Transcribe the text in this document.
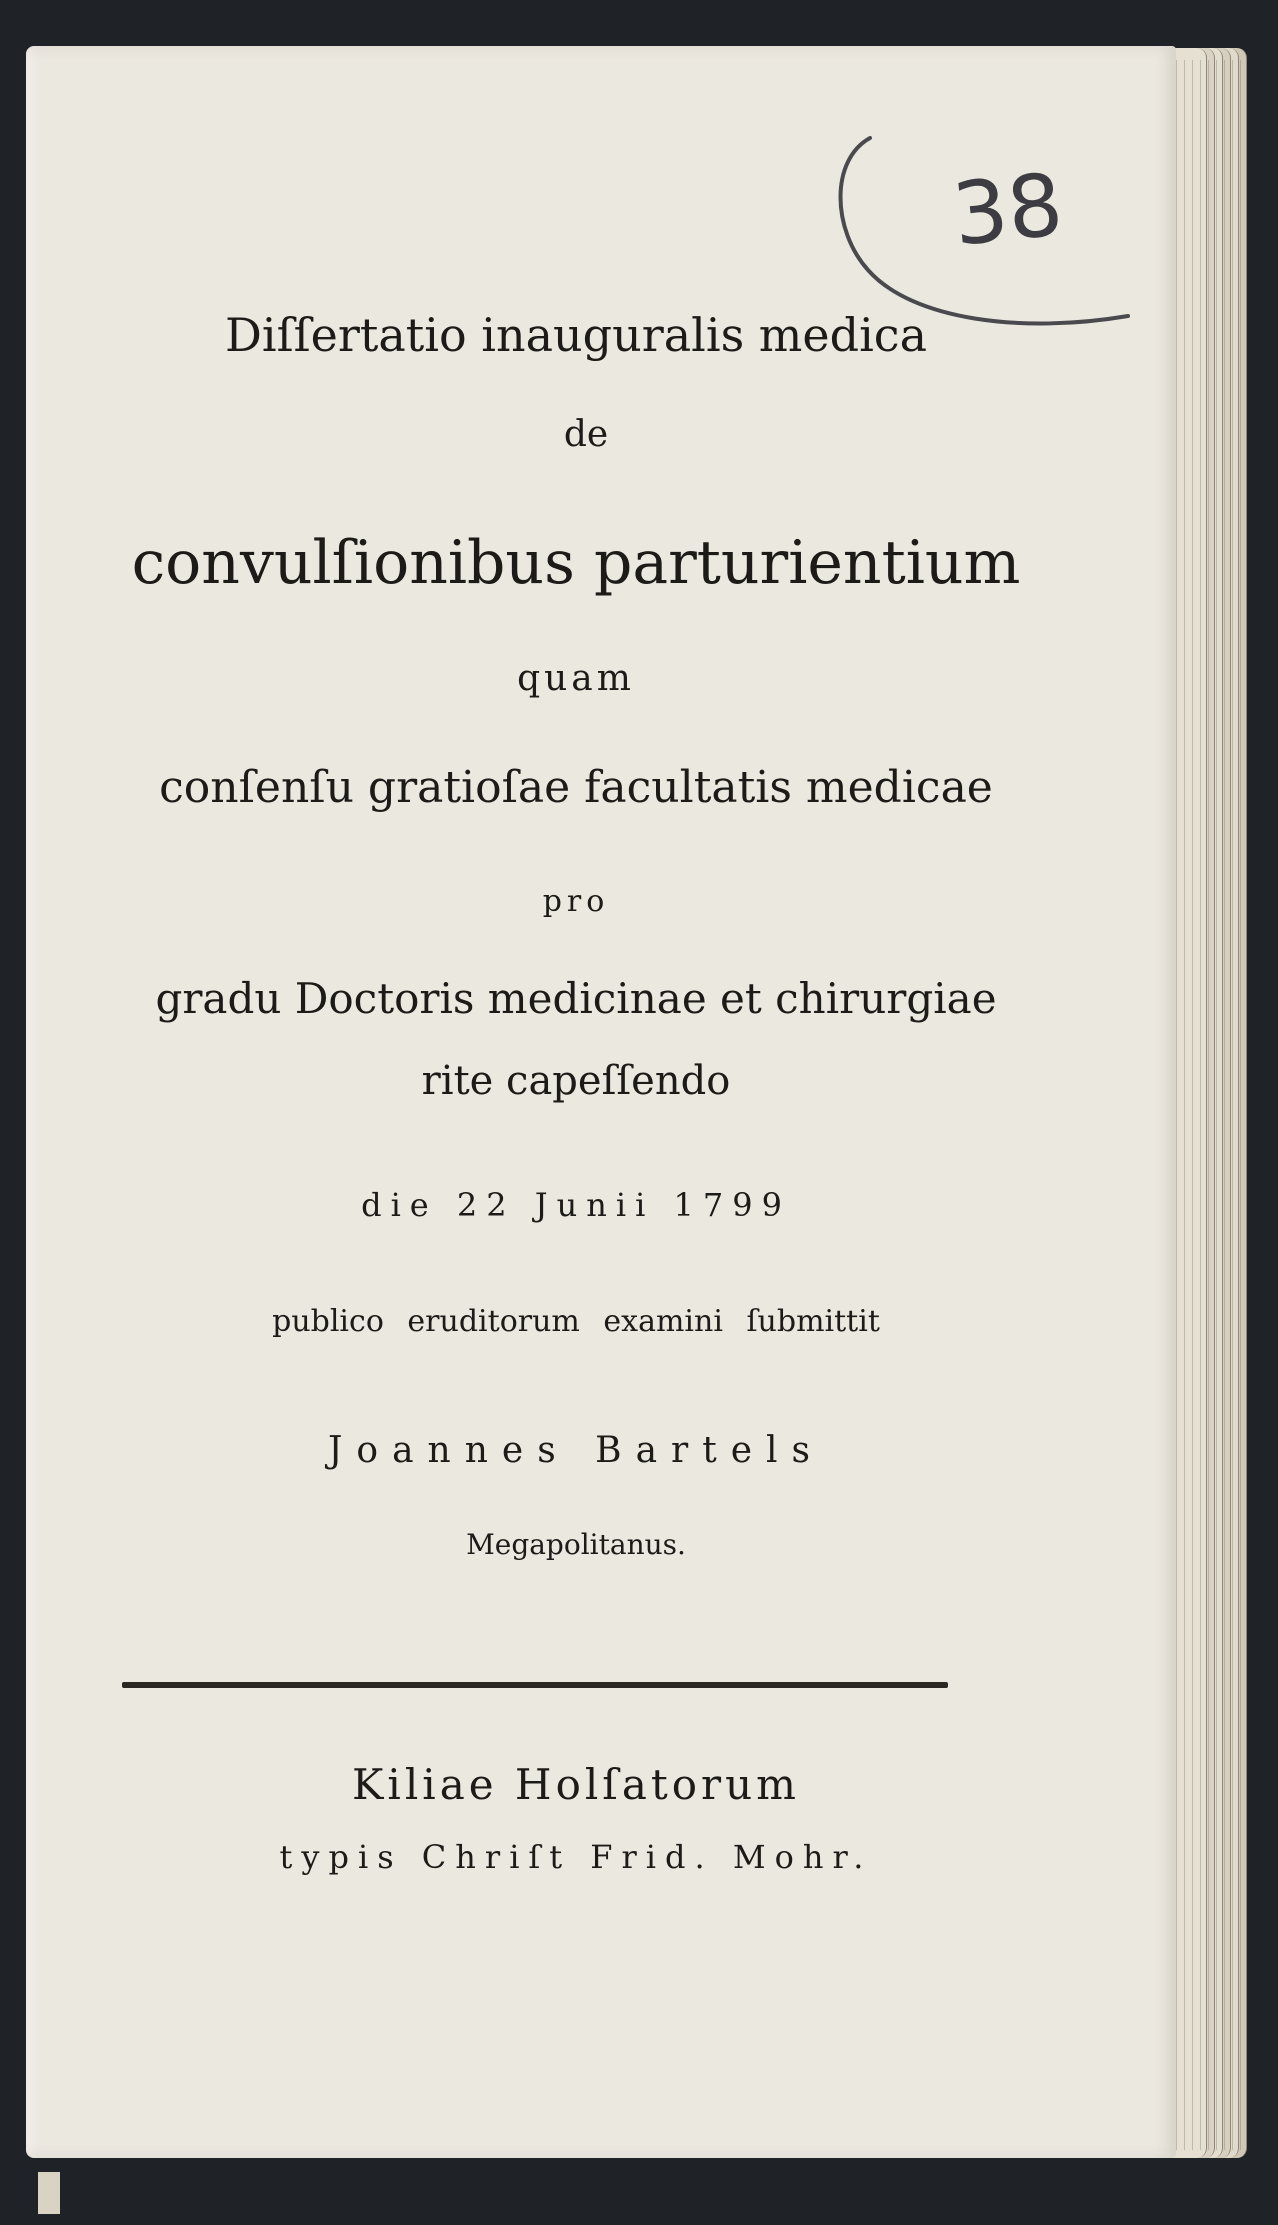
38
Diſſertatio inauguralis medica
de
convulſionibus parturientium
quam
conſenſu gratioſae facultatis medicae
pro
gradu Doctoris medicinae et chirurgiae
rite capeſſendo
die 22 Junii 1799
publico eruditorum examini ſubmittit
Joannes Bartels
Megapolitanus.
Kiliae Holſatorum
typis Chriſt Frid. Mohr.
